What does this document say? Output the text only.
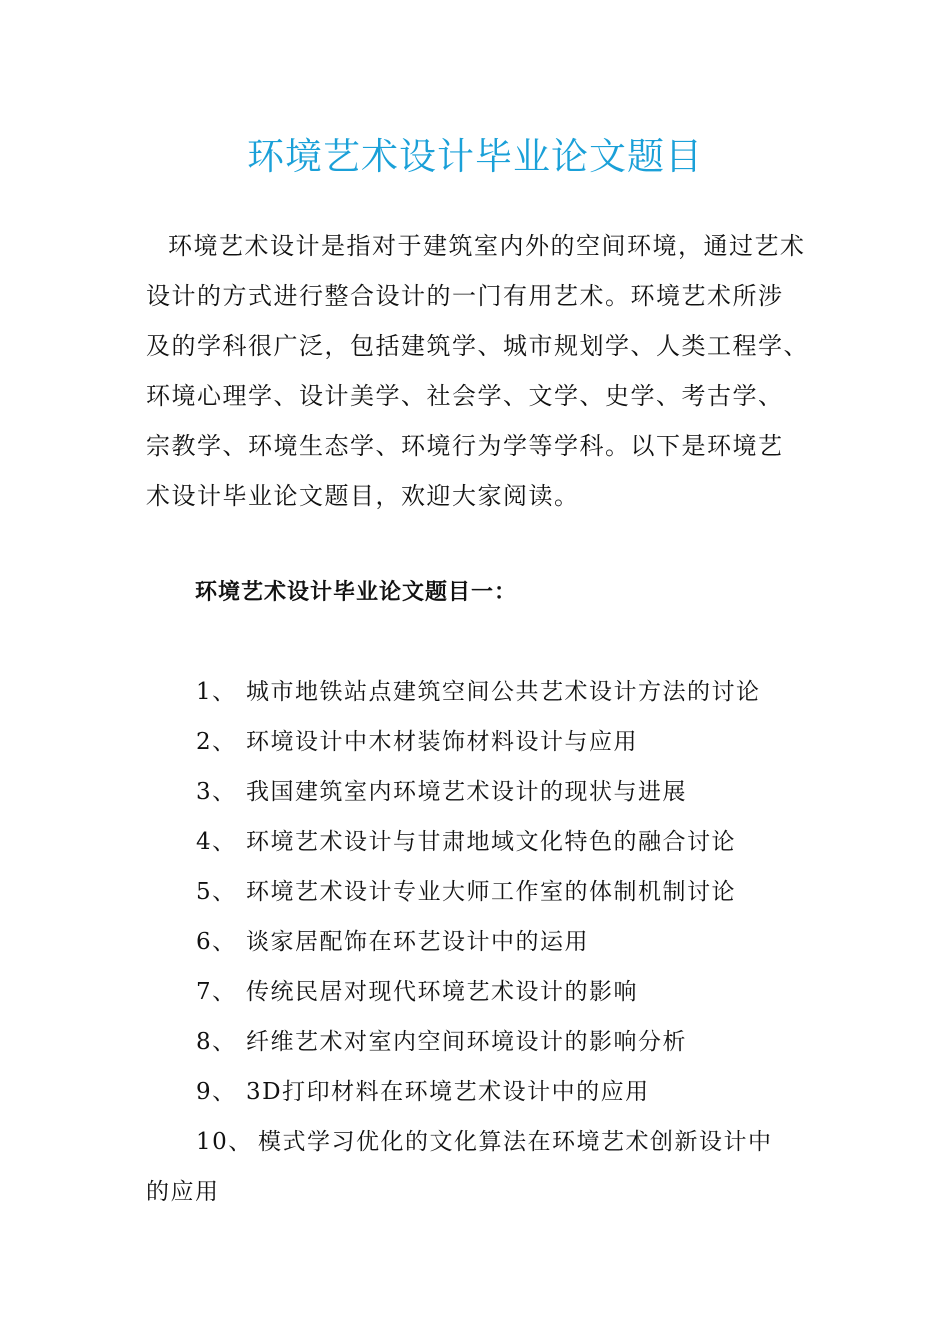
环境艺术设计毕业论文题目
环境艺术设计是指对于建筑室内外的空间环境，通过艺术
设计的方式进行整合设计的一门有用艺术。环境艺术所涉
及的学科很广泛，包括建筑学、城市规划学、人类工程学、
环境心理学、设计美学、社会学、文学、史学、考古学、
宗教学、环境生态学、环境行为学等学科。以下是环境艺
术设计毕业论文题目，欢迎大家阅读。
环境艺术设计毕业论文题目一：
1、 城市地铁站点建筑空间公共艺术设计方法的讨论
2、 环境设计中木材装饰材料设计与应用
3、 我国建筑室内环境艺术设计的现状与进展
4、 环境艺术设计与甘肃地域文化特色的融合讨论
5、 环境艺术设计专业大师工作室的体制机制讨论
6、 谈家居配饰在环艺设计中的运用
7、 传统民居对现代环境艺术设计的影响
8、 纤维艺术对室内空间环境设计的影响分析
9、 3D打印材料在环境艺术设计中的应用
10、 模式学习优化的文化算法在环境艺术创新设计中
的应用
